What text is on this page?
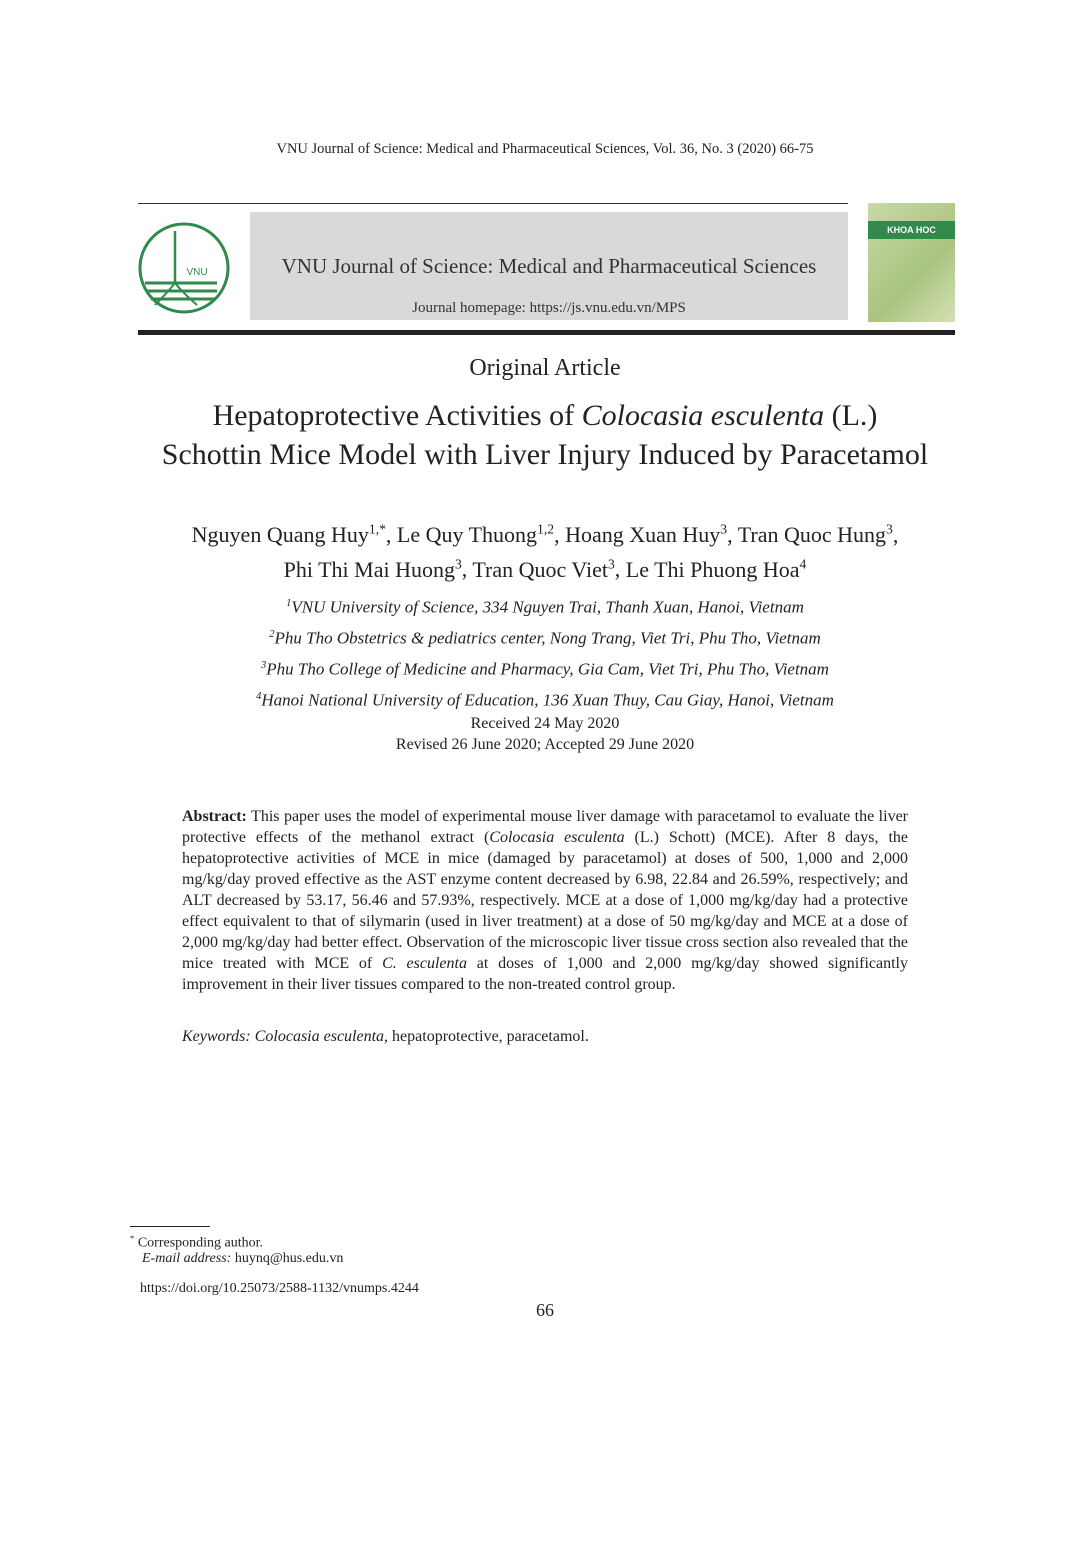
VNU Journal of Science: Medical and Pharmaceutical Sciences, Vol. 36, No. 3 (2020) 66-75
VNU	VNU Journal of Science: Medical and Pharmaceutical Sciences
Journal homepage: https://js.vnu.edu.vn/MPS
KHOA HOC
Original Article
Hepatoprotective Activities of Colocasia esculenta (L.)
Schottin Mice Model with Liver Injury Induced by Paracetamol
Nguyen Quang Huy$^{1,*}$, Le Quy Thuong$^{1,2}$, Hoang Xuan Huy$^3$, Tran Quoc Hung$^3$,
Phi Thi Mai Huong$^3$, Tran Quoc Viet$^3$, Le Thi Phuong Hoa$^4$
$^1$VNU University of Science, 334 Nguyen Trai, Thanh Xuan, Hanoi, Vietnam
$^2$Phu Tho Obstetrics & pediatrics center, Nong Trang, Viet Tri, Phu Tho, Vietnam
$^3$Phu Tho College of Medicine and Pharmacy, Gia Cam, Viet Tri, Phu Tho, Vietnam
$^4$Hanoi National University of Education, 136 Xuan Thuy, Cau Giay, Hanoi, Vietnam
Received 24 May 2020
Revised 26 June 2020; Accepted 29 June 2020
Abstract: This paper uses the model of experimental mouse liver damage with paracetamol to evaluate the liver protective effects of the methanol extract (Colocasia esculenta (L.) Schott) (MCE). After 8 days, the hepatoprotective activities of MCE in mice (damaged by paracetamol) at doses of 500, 1,000 and 2,000 mg/kg/day proved effective as the AST enzyme content decreased by 6.98, 22.84 and 26.59%, respectively; and ALT decreased by 53.17, 56.46 and 57.93%, respectively. MCE at a dose of 1,000 mg/kg/day had a protective effect equivalent to that of silymarin (used in liver treatment) at a dose of 50 mg/kg/day and MCE at a dose of 2,000 mg/kg/day had better effect. Observation of the microscopic liver tissue cross section also revealed that the mice treated with MCE of C. esculenta at doses of 1,000 and 2,000 mg/kg/day showed significantly improvement in their liver tissues compared to the non-treated control group.
Keywords: Colocasia esculenta, hepatoprotective, paracetamol.
* Corresponding author.
E-mail address: huynq@hus.edu.vn
https://doi.org/10.25073/2588-1132/vnumps.4244
66
